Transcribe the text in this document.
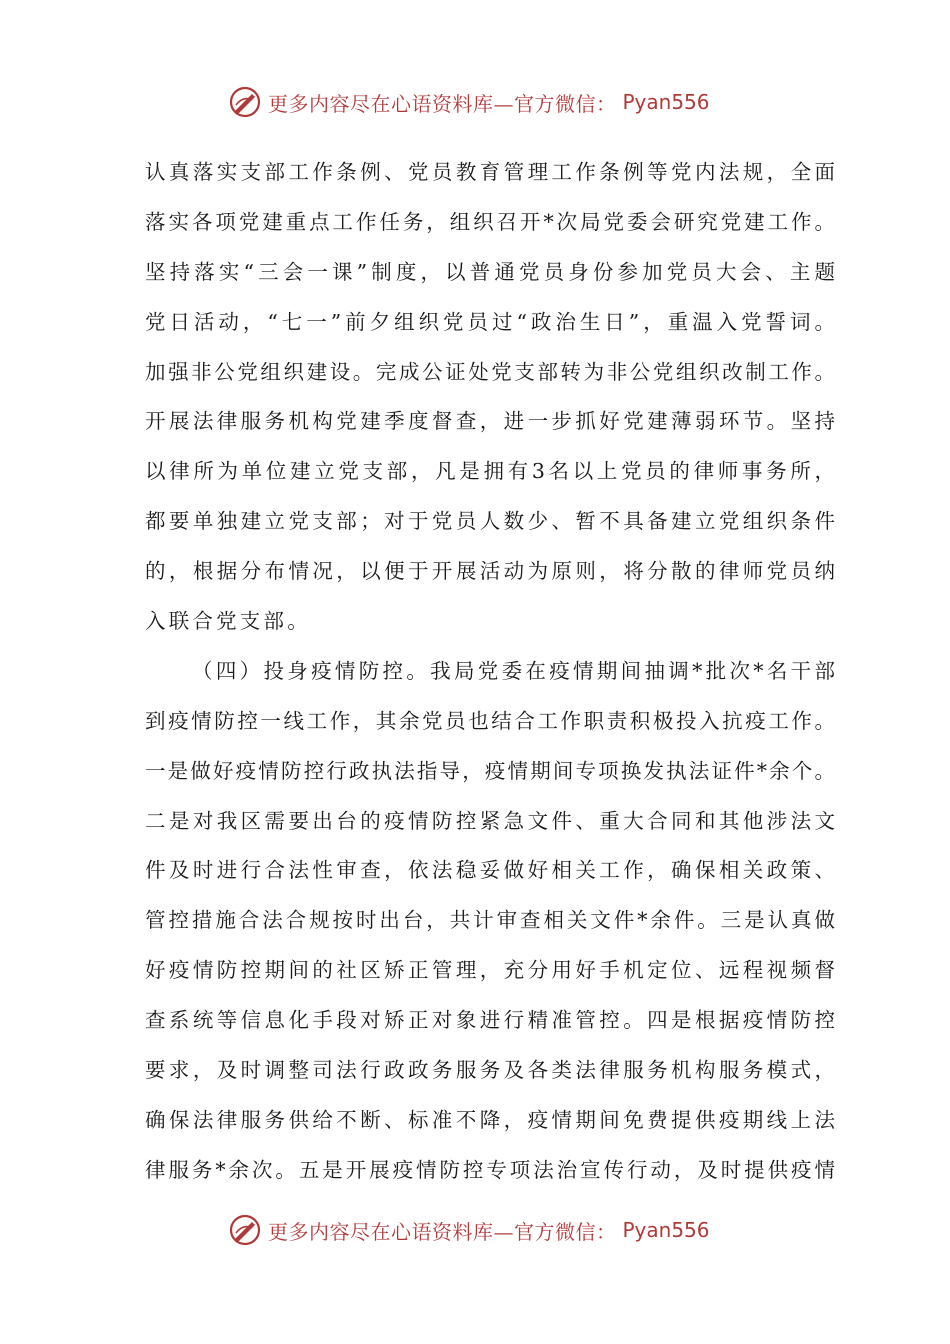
更多内容尽在心语资料库—官方微信： Pyan556
认真落实支部工作条例、党员教育管理工作条例等党内法规，全面
落实各项党建重点工作任务，组织召开*次局党委会研究党建工作。
坚持落实“三会一课”制度，以普通党员身份参加党员大会、主题
党日活动，“七一”前夕组织党员过“政治生日”，重温入党誓词。
加强非公党组织建设。完成公证处党支部转为非公党组织改制工作。
开展法律服务机构党建季度督查，进一步抓好党建薄弱环节。坚持
以律所为单位建立党支部，凡是拥有3名以上党员的律师事务所，
都要单独建立党支部；对于党员人数少、暂不具备建立党组织条件
的，根据分布情况，以便于开展活动为原则，将分散的律师党员纳
入联合党支部。
（四）投身疫情防控。我局党委在疫情期间抽调*批次*名干部
到疫情防控一线工作，其余党员也结合工作职责积极投入抗疫工作。
一是做好疫情防控行政执法指导，疫情期间专项换发执法证件*余个。
二是对我区需要出台的疫情防控紧急文件、重大合同和其他涉法文
件及时进行合法性审查，依法稳妥做好相关工作，确保相关政策、
管控措施合法合规按时出台，共计审查相关文件*余件。三是认真做
好疫情防控期间的社区矫正管理，充分用好手机定位、远程视频督
查系统等信息化手段对矫正对象进行精准管控。四是根据疫情防控
要求，及时调整司法行政政务服务及各类法律服务机构服务模式，
确保法律服务供给不断、标准不降，疫情期间免费提供疫期线上法
律服务*余次。五是开展疫情防控专项法治宣传行动，及时提供疫情
更多内容尽在心语资料库—官方微信： Pyan556
